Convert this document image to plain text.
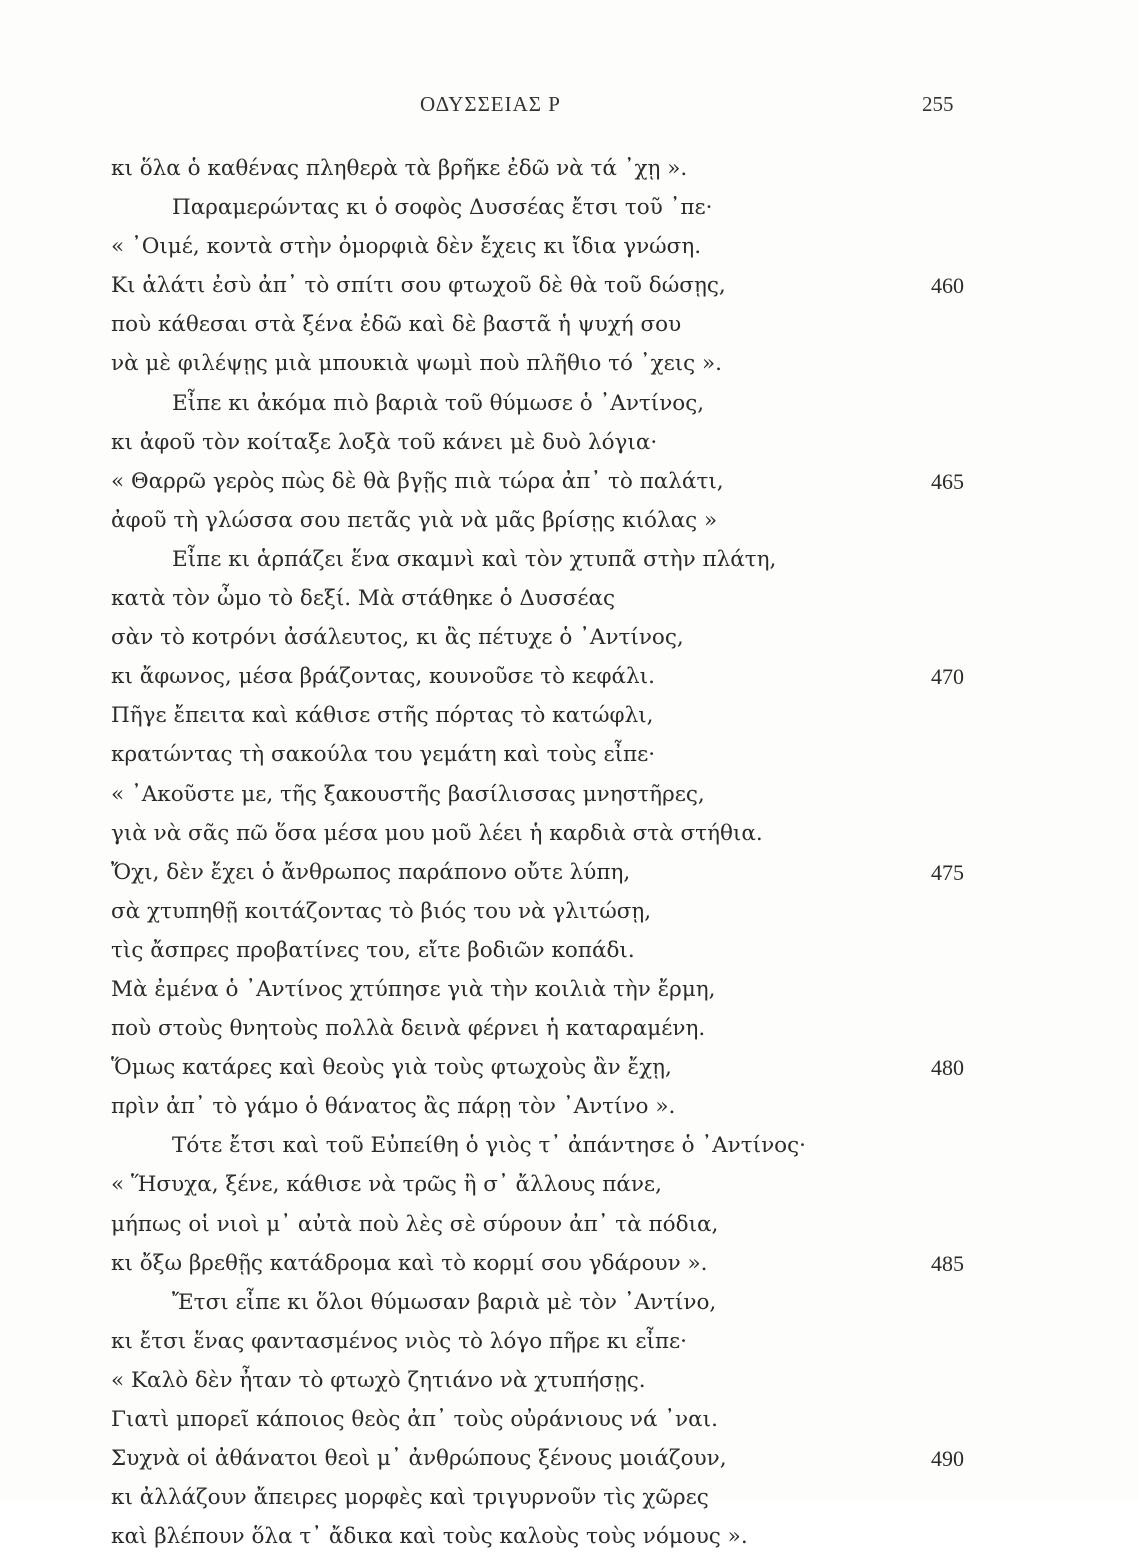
ΟΔΥΣΣΕΙΑΣ Ρ	255
κι ὅλα ὁ καθένας πληθερὰ τὰ βρῆκε ἐδῶ νὰ τά ᾿χῃ ».
Παραμερώντας κι ὁ σοφὸς Δυσσέας ἔτσι τοῦ ᾿πε·
« ᾿Οιμέ, κοντὰ στὴν ὀμορφιὰ δὲν ἔχεις κι ἴδια γνώση.
Κι ἁλάτι ἐσὺ ἀπ᾿ τὸ σπίτι σου φτωχοῦ δὲ θὰ τοῦ δώσῃς,	460
ποὺ κάθεσαι στὰ ξένα ἐδῶ καὶ δὲ βαστᾶ ἡ ψυχή σου
νὰ μὲ φιλέψῃς μιὰ μπουκιὰ ψωμὶ ποὺ πλῆθιο τό ᾿χεις ».
Εἶπε κι ἀκόμα πιὸ βαριὰ τοῦ θύμωσε ὁ ᾿Αντίνος,
κι ἀφοῦ τὸν κοίταξε λοξὰ τοῦ κάνει μὲ δυὸ λόγια·
« Θαρρῶ γερὸς πὼς δὲ θὰ βγῇς πιὰ τώρα ἀπ᾿ τὸ παλάτι,	465
ἀφοῦ τὴ γλώσσα σου πετᾶς γιὰ νὰ μᾶς βρίσῃς κιόλας »
Εἶπε κι ἁρπάζει ἕνα σκαμνὶ καὶ τὸν χτυπᾶ στὴν πλάτη,
κατὰ τὸν ὦμο τὸ δεξί. Μὰ στάθηκε ὁ Δυσσέας
σὰν τὸ κοτρόνι ἀσάλευτος, κι ἂς πέτυχε ὁ ᾿Αντίνος,
κι ἄφωνος, μέσα βράζοντας, κουνοῦσε τὸ κεφάλι.	470
Πῆγε ἔπειτα καὶ κάθισε στῆς πόρτας τὸ κατώφλι,
κρατώντας τὴ σακούλα του γεμάτη καὶ τοὺς εἶπε·
« ᾿Ακοῦστε με, τῆς ξακουστῆς βασίλισσας μνηστῆρες,
γιὰ νὰ σᾶς πῶ ὅσα μέσα μου μοῦ λέει ἡ καρδιὰ στὰ στήθια.
Ὄχι, δὲν ἔχει ὁ ἄνθρωπος παράπονο οὔτε λύπη,	475
σὰ χτυπηθῇ κοιτάζοντας τὸ βιός του νὰ γλιτώσῃ,
τὶς ἄσπρες προβατίνες του, εἴτε βοδιῶν κοπάδι.
Μὰ ἐμένα ὁ ᾿Αντίνος χτύπησε γιὰ τὴν κοιλιὰ τὴν ἔρμη,
ποὺ στοὺς θνητοὺς πολλὰ δεινὰ φέρνει ἡ καταραμένη.
Ὅμως κατάρες καὶ θεοὺς γιὰ τοὺς φτωχοὺς ἂν ἔχῃ,	480
πρὶν ἀπ᾿ τὸ γάμο ὁ θάνατος ἂς πάρῃ τὸν ᾿Αντίνο ».
Τότε ἔτσι καὶ τοῦ Εὐπείθη ὁ γιὸς τ᾿ ἀπάντησε ὁ ᾿Αντίνος·
« Ἥσυχα, ξένε, κάθισε νὰ τρῶς ἢ σ᾿ ἄλλους πάνε,
μήπως οἱ νιοὶ μ᾿ αὐτὰ ποὺ λὲς σὲ σύρουν ἀπ᾿ τὰ πόδια,
κι ὄξω βρεθῇς κατάδρομα καὶ τὸ κορμί σου γδάρουν ».	485
Ἔτσι εἶπε κι ὅλοι θύμωσαν βαριὰ μὲ τὸν ᾿Αντίνο,
κι ἔτσι ἕνας φαντασμένος νιὸς τὸ λόγο πῆρε κι εἶπε·
« Καλὸ δὲν ἦταν τὸ φτωχὸ ζητιάνο νὰ χτυπήσῃς.
Γιατὶ μπορεῖ κάποιος θεὸς ἀπ᾿ τοὺς οὐράνιους νά ᾿ναι.
Συχνὰ οἱ ἀθάνατοι θεοὶ μ᾿ ἀνθρώπους ξένους μοιάζουν,	490
κι ἀλλάζουν ἄπειρες μορφὲς καὶ τριγυρνοῦν τὶς χῶρες
καὶ βλέπουν ὅλα τ᾿ ἄδικα καὶ τοὺς καλοὺς τοὺς νόμους ».
